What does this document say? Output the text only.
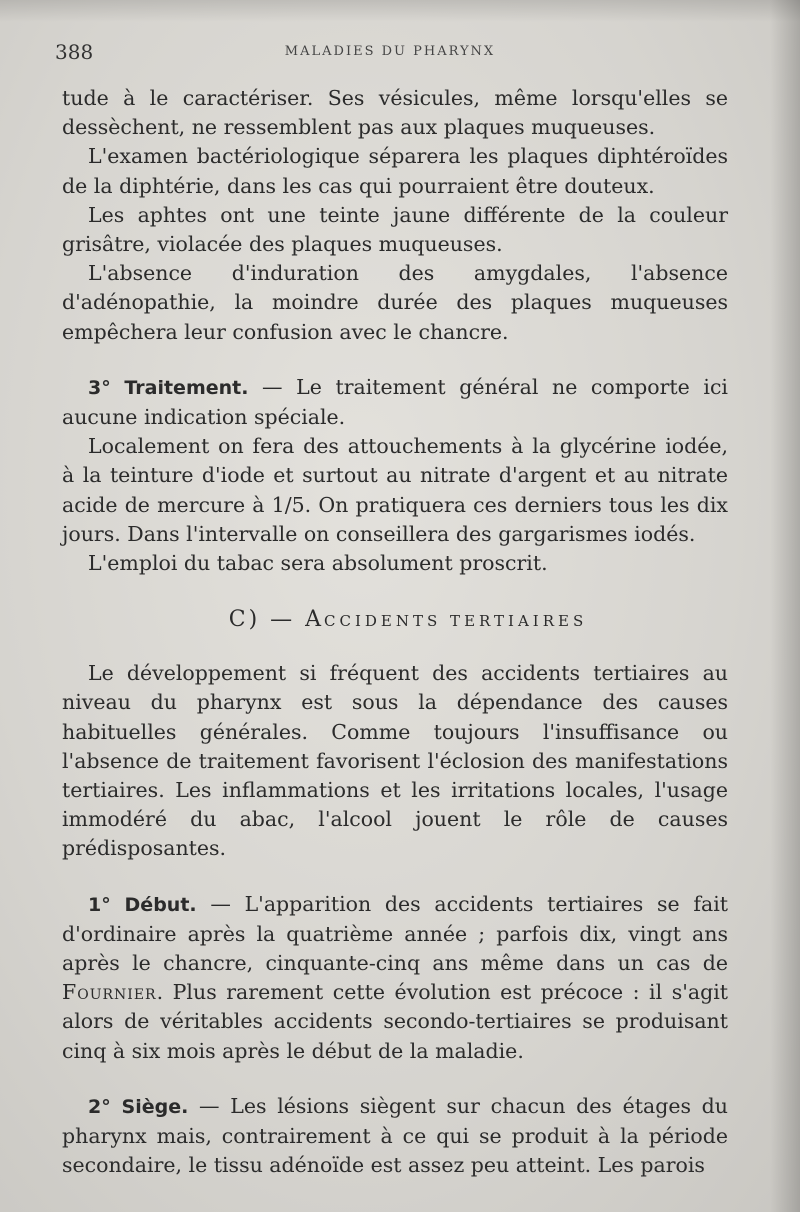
388	MALADIES DU PHARYNX

tude à le caractériser. Ses vésicules, même lorsqu'elles se dessèchent, ne ressemblent pas aux plaques muqueuses.

L'examen bactériologique séparera les plaques diphtéroïdes de la diphtérie, dans les cas qui pourraient être douteux.

Les aphtes ont une teinte jaune différente de la couleur grisâtre, violacée des plaques muqueuses.

L'absence d'induration des amygdales, l'absence d'adénopathie, la moindre durée des plaques muqueuses empêchera leur confusion avec le chancre.

3° Traitement. — Le traitement général ne comporte ici aucune indication spéciale.

Localement on fera des attouchements à la glycérine iodée, à la teinture d'iode et surtout au nitrate d'argent et au nitrate acide de mercure à 1/5. On pratiquera ces derniers tous les dix jours. Dans l'intervalle on conseillera des gargarismes iodés.

L'emploi du tabac sera absolument proscrit.

C) — ACCIDENTS TERTIAIRES

Le développement si fréquent des accidents tertiaires au niveau du pharynx est sous la dépendance des causes habituelles générales. Comme toujours l'insuffisance ou l'absence de traitement favorisent l'éclosion des manifestations tertiaires. Les inflammations et les irritations locales, l'usage immodéré du abac, l'alcool jouent le rôle de causes prédisposantes.

1° Début. — L'apparition des accidents tertiaires se fait d'ordinaire après la quatrième année ; parfois dix, vingt ans après le chancre, cinquante-cinq ans même dans un cas de Fournier. Plus rarement cette évolution est précoce : il s'agit alors de véritables accidents secondo-tertiaires se produisant cinq à six mois après le début de la maladie.

2° Siège. — Les lésions siègent sur chacun des étages du pharynx mais, contrairement à ce qui se produit à la période secondaire, le tissu adénoïde est assez peu atteint. Les parois
